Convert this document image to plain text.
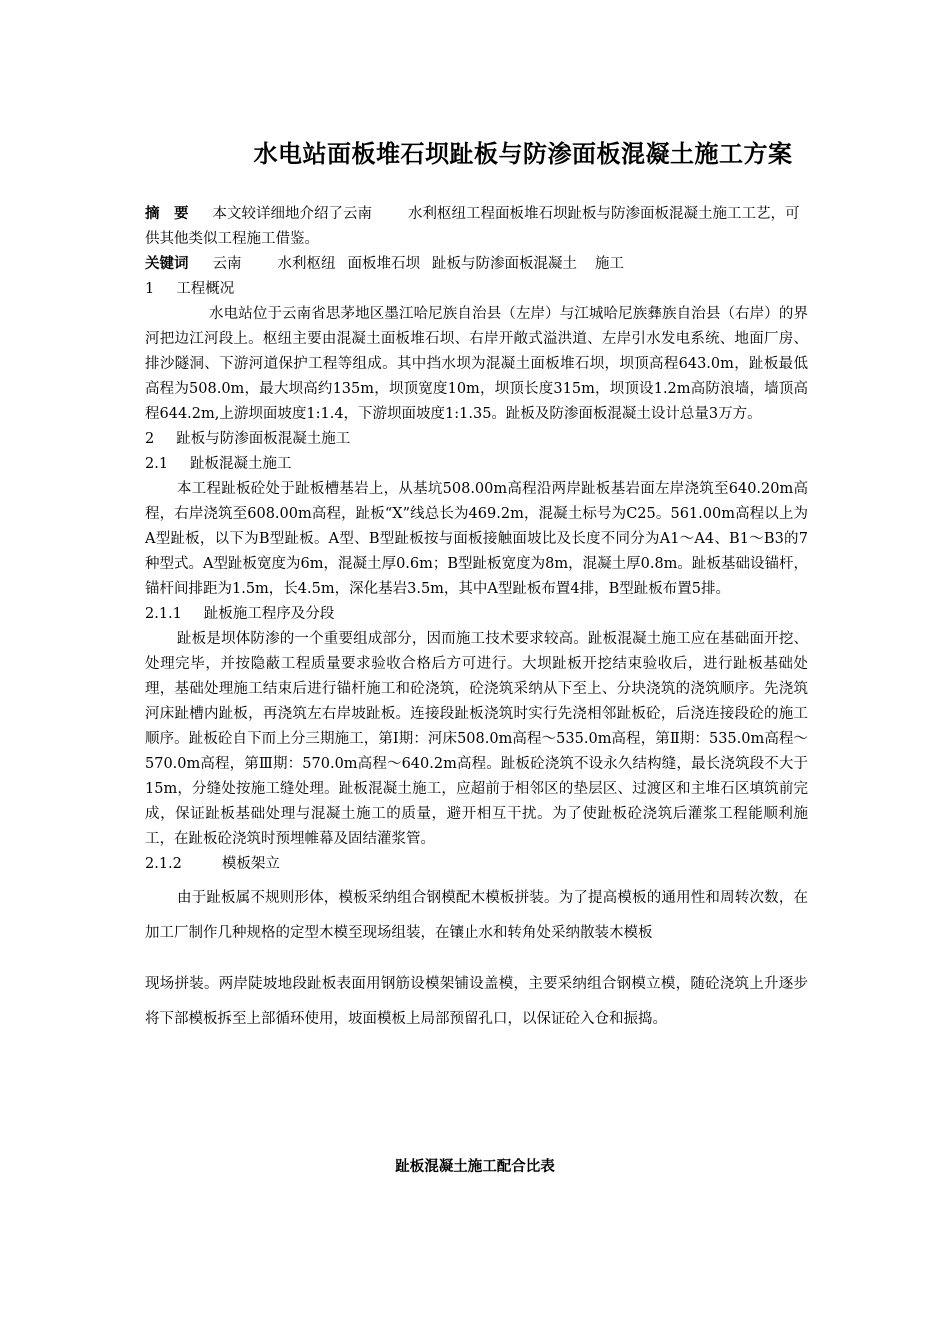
水电站面板堆石坝趾板与防渗面板混凝土施工方案
摘　要 本文较详细地介绍了云南 水利枢纽工程面板堆石坝趾板与防渗面板混凝土施工工艺，可供其他类似工程施工借鉴。
关键词 云南 水利枢纽 面板堆石坝 趾板与防渗面板混凝土 施工

1 工程概况

水电站位于云南省思茅地区墨江哈尼族自治县（左岸）与江城哈尼族彝族自治县（右岸）的界河把边江河段上。枢纽主要由混凝土面板堆石坝、右岸开敞式溢洪道、左岸引水发电系统、地面厂房、排沙隧洞、下游河道保护工程等组成。其中挡水坝为混凝土面板堆石坝，坝顶高程643.0m，趾板最低高程为508.0m，最大坝高约135m，坝顶宽度10m，坝顶长度315m，坝顶设1.2m高防浪墙，墙顶高程644.2m,上游坝面坡度1:1.4，下游坝面坡度1:1.35。趾板及防渗面板混凝土设计总量3万方。

2 趾板与防渗面板混凝土施工

2.1 趾板混凝土施工

本工程趾板砼处于趾板槽基岩上，从基坑508.00m高程沿两岸趾板基岩面左岸浇筑至640.20m高程，右岸浇筑至608.00m高程，趾板“X”线总长为469.2m，混凝土标号为C25。561.00m高程以上为A型趾板，以下为B型趾板。A型、B型趾板按与面板接触面坡比及长度不同分为A1～A4、B1～B3的7种型式。A型趾板宽度为6m，混凝土厚0.6m；B型趾板宽度为8m，混凝土厚0.8m。趾板基础设锚杆，锚杆间排距为1.5m，长4.5m，深化基岩3.5m，其中A型趾板布置4排，B型趾板布置5排。

2.1.1 趾板施工程序及分段

趾板是坝体防渗的一个重要组成部分，因而施工技术要求较高。趾板混凝土施工应在基础面开挖、处理完毕，并按隐蔽工程质量要求验收合格后方可进行。大坝趾板开挖结束验收后，进行趾板基础处理，基础处理施工结束后进行锚杆施工和砼浇筑，砼浇筑采纳从下至上、分块浇筑的浇筑顺序。先浇筑河床趾槽内趾板，再浇筑左右岸坡趾板。连接段趾板浇筑时实行先浇相邻趾板砼，后浇连接段砼的施工顺序。趾板砼自下而上分三期施工，第Ⅰ期：河床508.0m高程～535.0m高程，第Ⅱ期：535.0m高程～570.0m高程，第Ⅲ期：570.0m高程～640.2m高程。趾板砼浇筑不设永久结构缝，最长浇筑段不大于15m，分缝处按施工缝处理。趾板混凝土施工，应超前于相邻区的垫层区、过渡区和主堆石区填筑前完成，保证趾板基础处理与混凝土施工的质量，避开相互干扰。为了使趾板砼浇筑后灌浆工程能顺利施工，在趾板砼浇筑时预埋帷幕及固结灌浆管。

2.1.2	模板架立

由于趾板属不规则形体，模板采纳组合钢模配木模板拼装。为了提高模板的通用性和周转次数，在加工厂制作几种规格的定型木模至现场组装，在镶止水和转角处采纳散装木模板

现场拼装。两岸陡坡地段趾板表面用钢筋设模架铺设盖模，主要采纳组合钢模立模，随砼浇筑上升逐步将下部模板拆至上部循环使用，坡面模板上局部预留孔口，以保证砼入仓和振捣。

趾板混凝土施工配合比表
